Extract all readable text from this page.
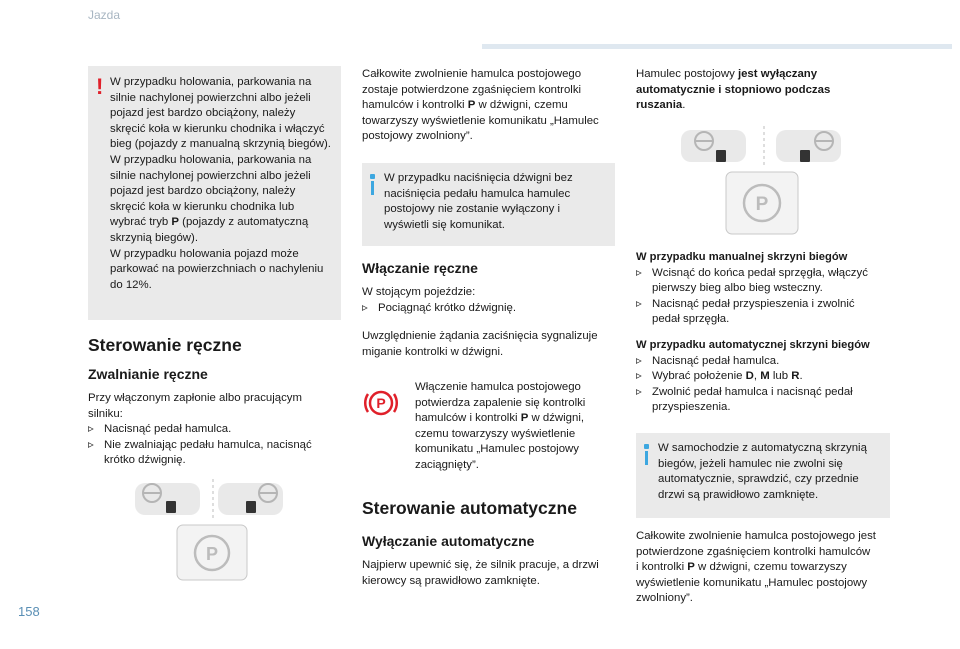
Jazda
158
! W przypadku holowania, parkowania na

silnie nachylonej powierzchni albo jeżeli

pojazd jest bardzo obciążony, należy

skręcić koła w kierunku chodnika i włączyć

bieg (pojazdy z manualną skrzynią biegów).

W przypadku holowania, parkowania na

silnie nachylonej powierzchni albo jeżeli

pojazd jest bardzo obciążony, należy

skręcić koła w kierunku chodnika lub

wybrać tryb P (pojazdy z automatyczną

skrzynią biegów).

W przypadku holowania pojazd może

parkować na powierzchniach o nachyleniu

do 12%.

Sterowanie ręczne
Zwalnianie ręczne

Przy włączonym zapłonie albo pracującym

silniku:

▹ Nacisnąć pedał hamulca.

▹ Nie zwalniając pedału hamulca, nacisnąć
krótko dźwignię.

P

Całkowite zwolnienie hamulca postojowego

zostaje potwierdzone zgaśnięciem kontrolki

hamulców i kontrolki P w dźwigni, czemu

towarzyszy wyświetlenie komunikatu „Hamulec

postojowy zwolniony”.

W przypadku naciśnięcia dźwigni bez

naciśnięcia pedału hamulca hamulec

postojowy nie zostanie wyłączony i

wyświetli się komunikat.

Włączanie ręczne

W stojącym pojeździe:

▹ Pociągnąć krótko dźwignię.

Uwzględnienie żądania zaciśnięcia sygnalizuje

miganie kontrolki w dźwigni.

P

Włączenie hamulca postojowego

potwierdza zapalenie się kontrolki

hamulców i kontrolki P w dźwigni,

czemu towarzyszy wyświetlenie

komunikatu „Hamulec postojowy

zaciągnięty”.

Sterowanie automatyczne
Wyłączanie automatyczne

Najpierw upewnić się, że silnik pracuje, a drzwi

kierowcy są prawidłowo zamknięte.

Hamulec postojowy jest wyłączany

automatycznie i stopniowo podczas

ruszania.

P

W przypadku manualnej skrzyni biegów

▹ Wcisnąć do końca pedał sprzęgła, włączyć
pierwszy bieg albo bieg wsteczny.

▹ Nacisnąć pedał przyspieszenia i zwolnić
pedał sprzęgła.

W przypadku automatycznej skrzyni biegów

▹ Nacisnąć pedał hamulca.

▹ Wybrać położenie D, M lub R.

▹ Zwolnić pedał hamulca i nacisnąć pedał
przyspieszenia.

W samochodzie z automatyczną skrzynią

biegów, jeżeli hamulec nie zwolni się

automatycznie, sprawdzić, czy przednie

drzwi są prawidłowo zamknięte.

Całkowite zwolnienie hamulca postojowego jest

potwierdzone zgaśnięciem kontrolki hamulców

i kontrolki P w dźwigni, czemu towarzyszy

wyświetlenie komunikatu „Hamulec postojowy

zwolniony”.
